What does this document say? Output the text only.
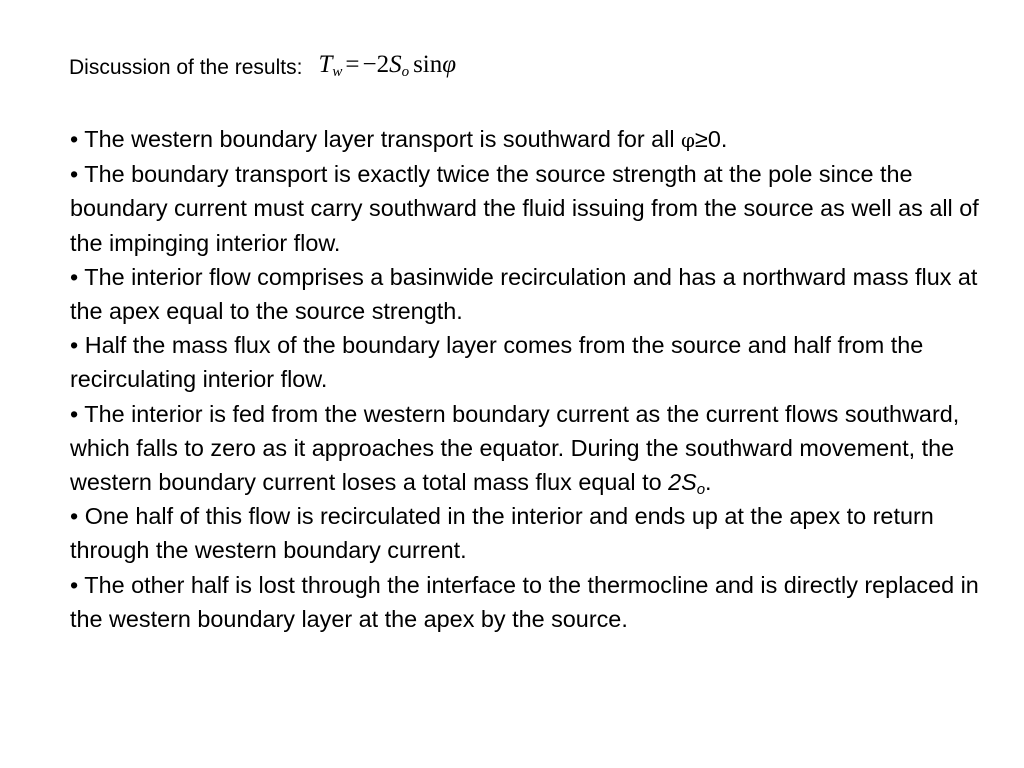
Discussion of the results: $T_w = -2S_o$ sinφ
• The western boundary layer transport is southward for all φ≥0.
• The boundary transport is exactly twice the source strength at the pole since the boundary current must carry southward the fluid issuing from the source as well as all of the impinging interior flow.
• The interior flow comprises a basinwide recirculation and has a northward mass flux at the apex equal to the source strength.
• Half the mass flux of the boundary layer comes from the source and half from the recirculating interior flow.
• The interior is fed from the western boundary current as the current flows southward, which falls to zero as it approaches the equator. During the southward movement, the western boundary current loses a total mass flux equal to $2S_o$.
• One half of this flow is recirculated in the interior and ends up at the apex to return through the western boundary current.
• The other half is lost through the interface to the thermocline and is directly replaced in the western boundary layer at the apex by the source.
